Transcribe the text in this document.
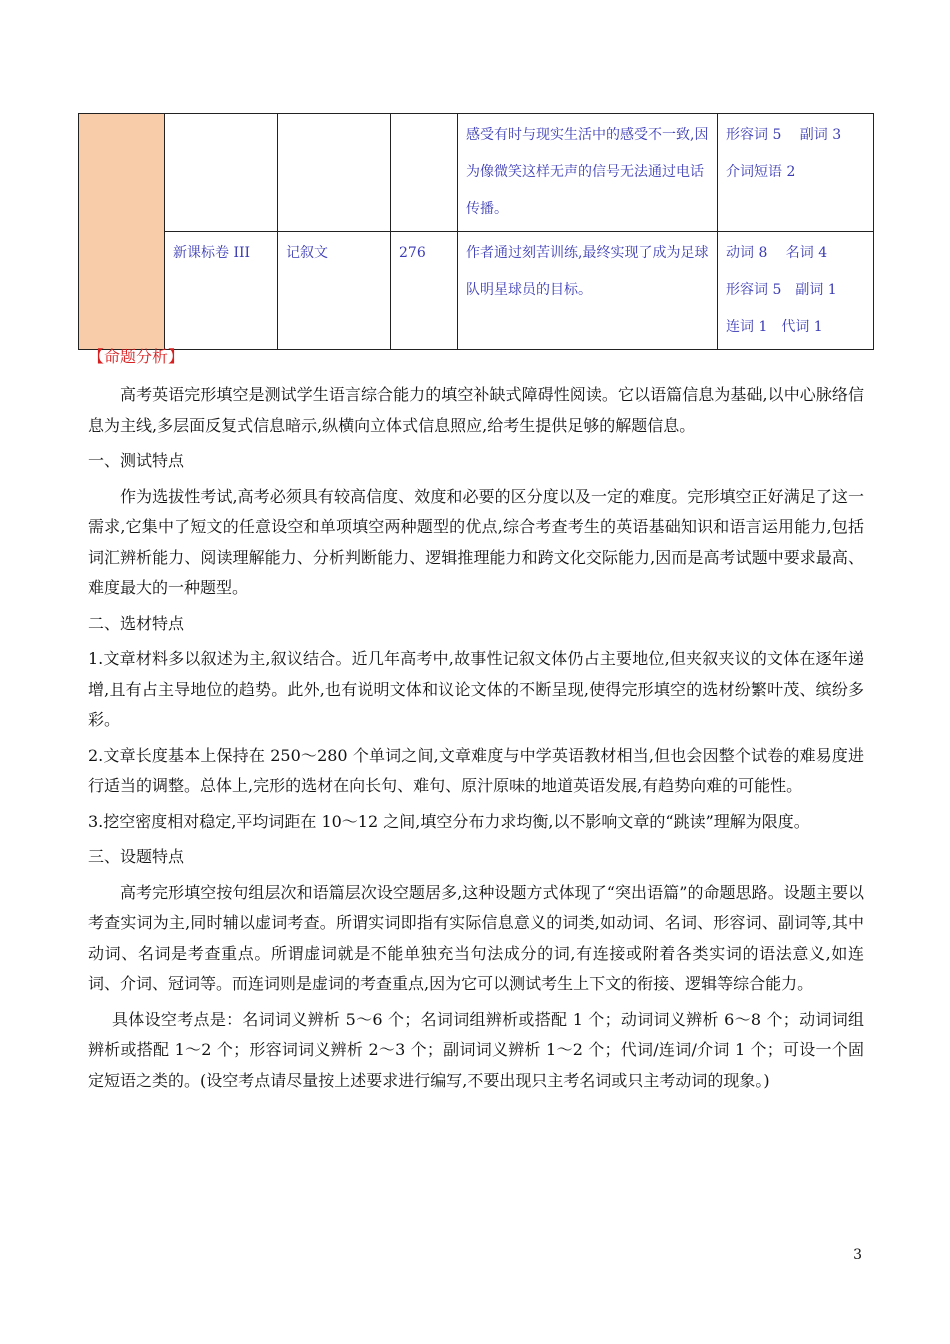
				感受有时与现实生活中的感受不一致,因为像微笑这样无声的信号无法通过电话传播。	形容词 5　 副词 3
介词短语 2

	新课标卷 III	记叙文	276	作者通过刻苦训练,最终实现了成为足球队明星球员的目标。	动词 8　 名词 4
形容词 5　副词 1
连词 1　代词 1
【命题分析】

高考英语完形填空是测试学生语言综合能力的填空补缺式障碍性阅读。它以语篇信息为基础,以中心脉络信息为主线,多层面反复式信息暗示,纵横向立体式信息照应,给考生提供足够的解题信息。

一、测试特点

作为选拔性考试,高考必须具有较高信度、效度和必要的区分度以及一定的难度。完形填空正好满足了这一需求,它集中了短文的任意设空和单项填空两种题型的优点,综合考查考生的英语基础知识和语言运用能力,包括词汇辨析能力、阅读理解能力、分析判断能力、逻辑推理能力和跨文化交际能力,因而是高考试题中要求最高、难度最大的一种题型。

二、选材特点

1.文章材料多以叙述为主,叙议结合。近几年高考中,故事性记叙文体仍占主要地位,但夹叙夹议的文体在逐年递增,且有占主导地位的趋势。此外,也有说明文体和议论文体的不断呈现,使得完形填空的选材纷繁叶茂、缤纷多彩。

2.文章长度基本上保持在 250～280 个单词之间,文章难度与中学英语教材相当,但也会因整个试卷的难易度进行适当的调整。总体上,完形的选材在向长句、难句、原汁原味的地道英语发展,有趋势向难的可能性。

3.挖空密度相对稳定,平均词距在 10～12 之间,填空分布力求均衡,以不影响文章的“跳读”理解为限度。

三、设题特点

高考完形填空按句组层次和语篇层次设空题居多,这种设题方式体现了“突出语篇”的命题思路。设题主要以考查实词为主,同时辅以虚词考查。所谓实词即指有实际信息意义的词类,如动词、名词、形容词、副词等,其中动词、名词是考查重点。所谓虚词就是不能单独充当句法成分的词,有连接或附着各类实词的语法意义,如连词、介词、冠词等。而连词则是虚词的考查重点,因为它可以测试考生上下文的衔接、逻辑等综合能力。

具体设空考点是：名词词义辨析 5～6 个；名词词组辨析或搭配 1 个；动词词义辨析 6～8 个；动词词组辨析或搭配 1～2 个；形容词词义辨析 2～3 个；副词词义辨析 1～2 个；代词/连词/介词 1 个；可设一个固定短语之类的。(设空考点请尽量按上述要求进行编写,不要出现只主考名词或只主考动词的现象。)

3
